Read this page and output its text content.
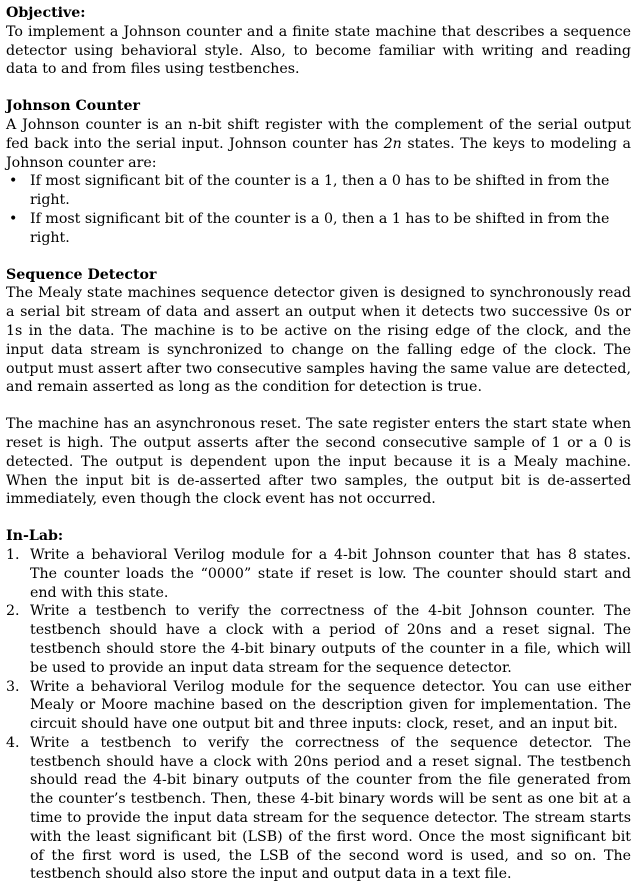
Objective:

To implement a Johnson counter and a finite state machine that describes a sequence detector using behavioral style. Also, to become familiar with writing and reading data to and from files using testbenches.

Johnson Counter

A Johnson counter is an n-bit shift register with the complement of the serial output fed back into the serial input. Johnson counter has 2n states. The keys to modeling a Johnson counter are:

• If most significant bit of the counter is a 1, then a 0 has to be shifted in from the right.
• If most significant bit of the counter is a 0, then a 1 has to be shifted in from the right.
Sequence Detector

The Mealy state machines sequence detector given is designed to synchronously read a serial bit stream of data and assert an output when it detects two successive 0s or 1s in the data. The machine is to be active on the rising edge of the clock, and the input data stream is synchronized to change on the falling edge of the clock. The output must assert after two consecutive samples having the same value are detected, and remain asserted as long as the condition for detection is true.

The machine has an asynchronous reset. The sate register enters the start state when reset is high. The output asserts after the second consecutive sample of 1 or a 0 is detected. The output is dependent upon the input because it is a Mealy machine. When the input bit is de-asserted after two samples, the output bit is de-asserted immediately, even though the clock event has not occurred.

In-Lab:
1. Write a behavioral Verilog module for a 4-bit Johnson counter that has 8 states. The counter loads the “0000” state if reset is low. The counter should start and end with this state.
2. Write a testbench to verify the correctness of the 4-bit Johnson counter. The testbench should have a clock with a period of 20ns and a reset signal. The testbench should store the 4-bit binary outputs of the counter in a file, which will be used to provide an input data stream for the sequence detector.
3. Write a behavioral Verilog module for the sequence detector. You can use either Mealy or Moore machine based on the description given for implementation. The circuit should have one output bit and three inputs: clock, reset, and an input bit.
4. Write a testbench to verify the correctness of the sequence detector. The testbench should have a clock with 20ns period and a reset signal. The testbench should read the 4-bit binary outputs of the counter from the file generated from the counter’s testbench. Then, these 4-bit binary words will be sent as one bit at a time to provide the input data stream for the sequence detector. The stream starts with the least significant bit (LSB) of the first word. Once the most significant bit of the first word is used, the LSB of the second word is used, and so on. The testbench should also store the input and output data in a text file.
